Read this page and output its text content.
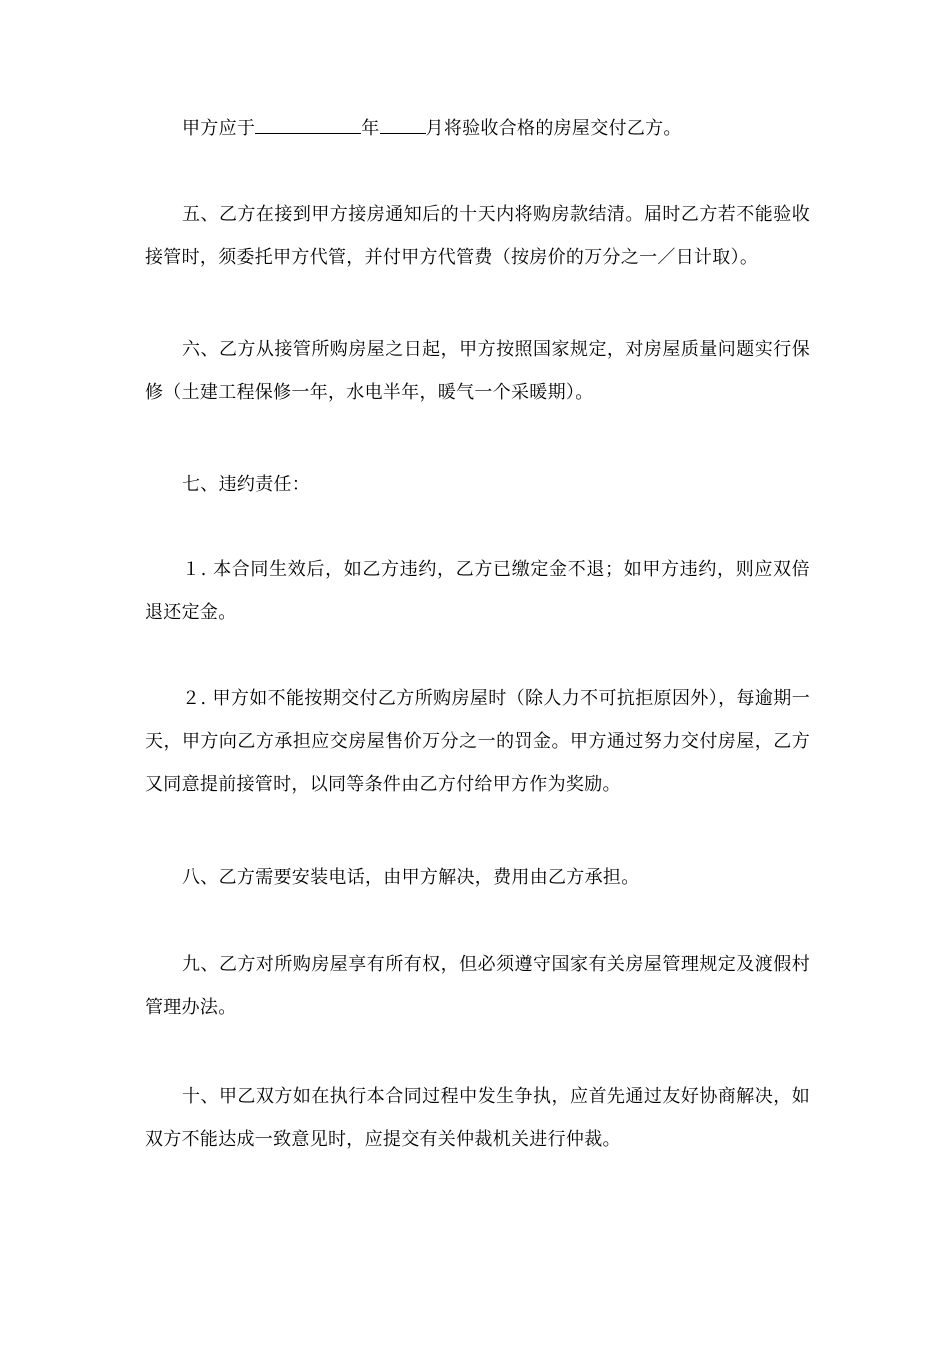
甲方应于	年	月将验收合格的房屋交付乙方。

五、乙方在接到甲方接房通知后的十天内将购房款结清。届时乙方若不能验收接管时，须委托甲方代管，并付甲方代管费（按房价的万分之一／日计取）。

六、乙方从接管所购房屋之日起，甲方按照国家规定，对房屋质量问题实行保修（土建工程保修一年，水电半年，暖气一个采暖期）。

七、违约责任：

１. 本合同生效后，如乙方违约，乙方已缴定金不退；如甲方违约，则应双倍退还定金。

２. 甲方如不能按期交付乙方所购房屋时（除人力不可抗拒原因外），每逾期一天，甲方向乙方承担应交房屋售价万分之一的罚金。甲方通过努力交付房屋，乙方又同意提前接管时，以同等条件由乙方付给甲方作为奖励。

八、乙方需要安装电话，由甲方解决，费用由乙方承担。

九、乙方对所购房屋享有所有权，但必须遵守国家有关房屋管理规定及渡假村管理办法。

十、甲乙双方如在执行本合同过程中发生争执，应首先通过友好协商解决，如双方不能达成一致意见时，应提交有关仲裁机关进行仲裁。
